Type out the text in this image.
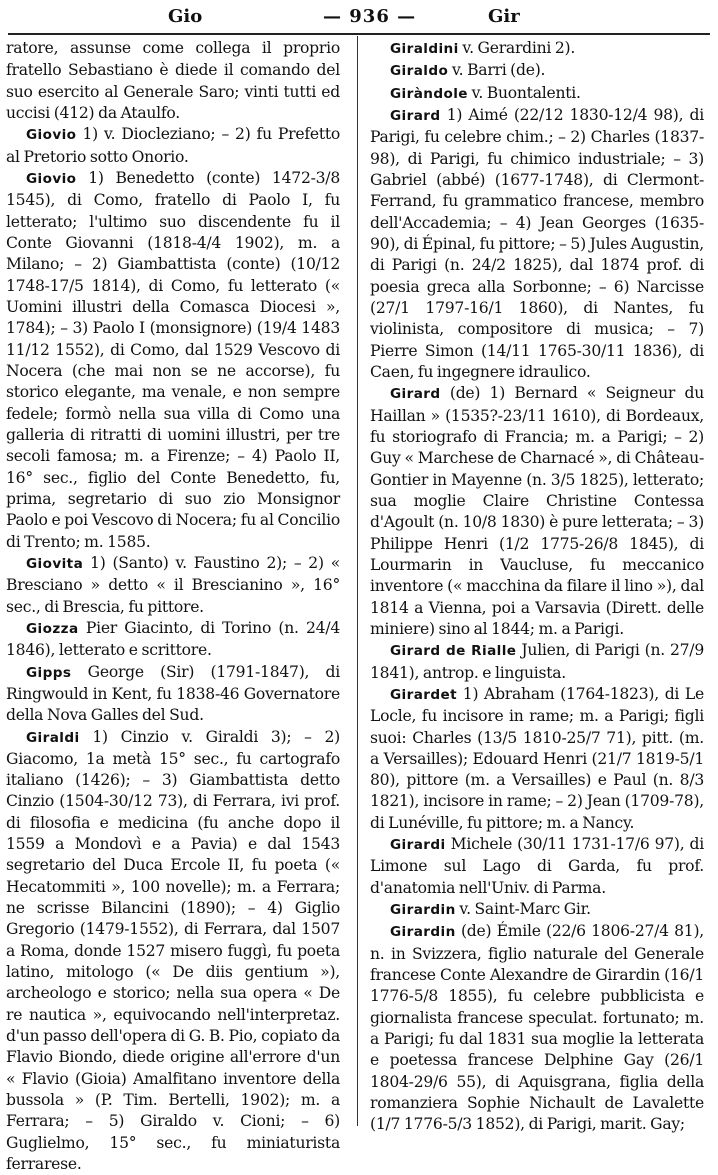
Gio	— 936 —	Gir
ratore, assunse come collega il proprio fratello Sebastiano è diede il comando del suo esercito al Generale Saro; vinti tutti ed uccisi (412) da Ataulfo.
Giovio 1) v. Diocleziano; – 2) fu Prefetto al Pretorio sotto Onorio.
Giovio 1) Benedetto (conte) 1472-3/8 1545), di Como, fratello di Paolo I, fu letterato; l'ultimo suo discendente fu il Conte Giovanni (1818-4/4 1902), m. a Milano; – 2) Giambattista (conte) (10/12 1748-17/5 1814), di Como, fu letterato (« Uomini illustri della Comasca Diocesi », 1784); – 3) Paolo I (monsignore) (19/4 1483 11/12 1552), di Como, dal 1529 Vescovo di Nocera (che mai non se ne accorse), fu storico elegante, ma venale, e non sempre fedele; formò nella sua villa di Como una galleria di ritratti di uomini illustri, per tre secoli famosa; m. a Firenze; – 4) Paolo II, 16° sec., figlio del Conte Benedetto, fu, prima, segretario di suo zio Monsignor Paolo e poi Vescovo di Nocera; fu al Concilio di Trento; m. 1585.
Giovita 1) (Santo) v. Faustino 2); – 2) « Bresciano » detto « il Brescianino », 16° sec., di Brescia, fu pittore.
Giozza Pier Giacinto, di Torino (n. 24/4 1846), letterato e scrittore.
Gipps George (Sir) (1791-1847), di Ringwould in Kent, fu 1838-46 Governatore della Nova Galles del Sud.
Giraldi 1) Cinzio v. Giraldi 3); – 2) Giacomo, 1a metà 15° sec., fu cartografo italiano (1426); – 3) Giambattista detto Cinzio (1504-30/12 73), di Ferrara, ivi prof. di filosofia e medicina (fu anche dopo il 1559 a Mondovì e a Pavia) e dal 1543 segretario del Duca Ercole II, fu poeta (« Hecatommiti », 100 novelle); m. a Ferrara; ne scrisse Bilancini (1890); – 4) Giglio Gregorio (1479-1552), di Ferrara, dal 1507 a Roma, donde 1527 misero fuggì, fu poeta latino, mitologo (« De diis gentium »), archeologo e storico; nella sua opera « De re nautica », equivocando nell'interpretaz. d'un passo dell'opera di G. B. Pio, copiato da Flavio Biondo, diede origine all'errore d'un « Flavio (Gioia) Amalfitano inventore della bussola » (P. Tim. Bertelli, 1902); m. a Ferrara; – 5) Giraldo v. Cioni; – 6) Guglielmo, 15° sec., fu miniaturista ferrarese.
Giraldini v. Gerardini 2).
Giraldo v. Barri (de).
Giràndole v. Buontalenti.
Girard 1) Aimé (22/12 1830-12/4 98), di Parigi, fu celebre chim.; – 2) Charles (1837-98), di Parigi, fu chimico industriale; – 3) Gabriel (abbé) (1677-1748), di Clermont-Ferrand, fu grammatico francese, membro dell'Accademia; – 4) Jean Georges (1635-90), di Épinal, fu pittore; – 5) Jules Augustin, di Parigi (n. 24/2 1825), dal 1874 prof. di poesia greca alla Sorbonne; – 6) Narcisse (27/1 1797-16/1 1860), di Nantes, fu violinista, compositore di musica; – 7) Pierre Simon (14/11 1765-30/11 1836), di Caen, fu ingegnere idraulico.
Girard (de) 1) Bernard « Seigneur du Haillan » (1535?-23/11 1610), di Bordeaux, fu storiografo di Francia; m. a Parigi; – 2) Guy « Marchese de Charnacé », di Château-Gontier in Mayenne (n. 3/5 1825), letterato; sua moglie Claire Christine Contessa d'Agoult (n. 10/8 1830) è pure letterata; – 3) Philippe Henri (1/2 1775-26/8 1845), di Lourmarin in Vaucluse, fu meccanico inventore (« macchina da filare il lino »), dal 1814 a Vienna, poi a Varsavia (Dirett. delle miniere) sino al 1844; m. a Parigi.
Girard de Rialle Julien, di Parigi (n. 27/9 1841), antrop. e linguista.
Girardet 1) Abraham (1764-1823), di Le Locle, fu incisore in rame; m. a Parigi; figli suoi: Charles (13/5 1810-25/7 71), pitt. (m. a Versailles); Edouard Henri (21/7 1819-5/1 80), pittore (m. a Versailles) e Paul (n. 8/3 1821), incisore in rame; – 2) Jean (1709-78), di Lunéville, fu pittore; m. a Nancy.
Girardi Michele (30/11 1731-17/6 97), di Limone sul Lago di Garda, fu prof. d'anatomia nell'Univ. di Parma.
Girardin v. Saint-Marc Gir.
Girardin (de) Émile (22/6 1806-27/4 81), n. in Svizzera, figlio naturale del Generale francese Conte Alexandre de Girardin (16/1 1776-5/8 1855), fu celebre pubblicista e giornalista francese speculat. fortunato; m. a Parigi; fu dal 1831 sua moglie la letterata e poetessa francese Delphine Gay (26/1 1804-29/6 55), di Aquisgrana, figlia della romanziera Sophie Nichault de Lavalette (1/7 1776-5/3 1852), di Parigi, marit. Gay;
